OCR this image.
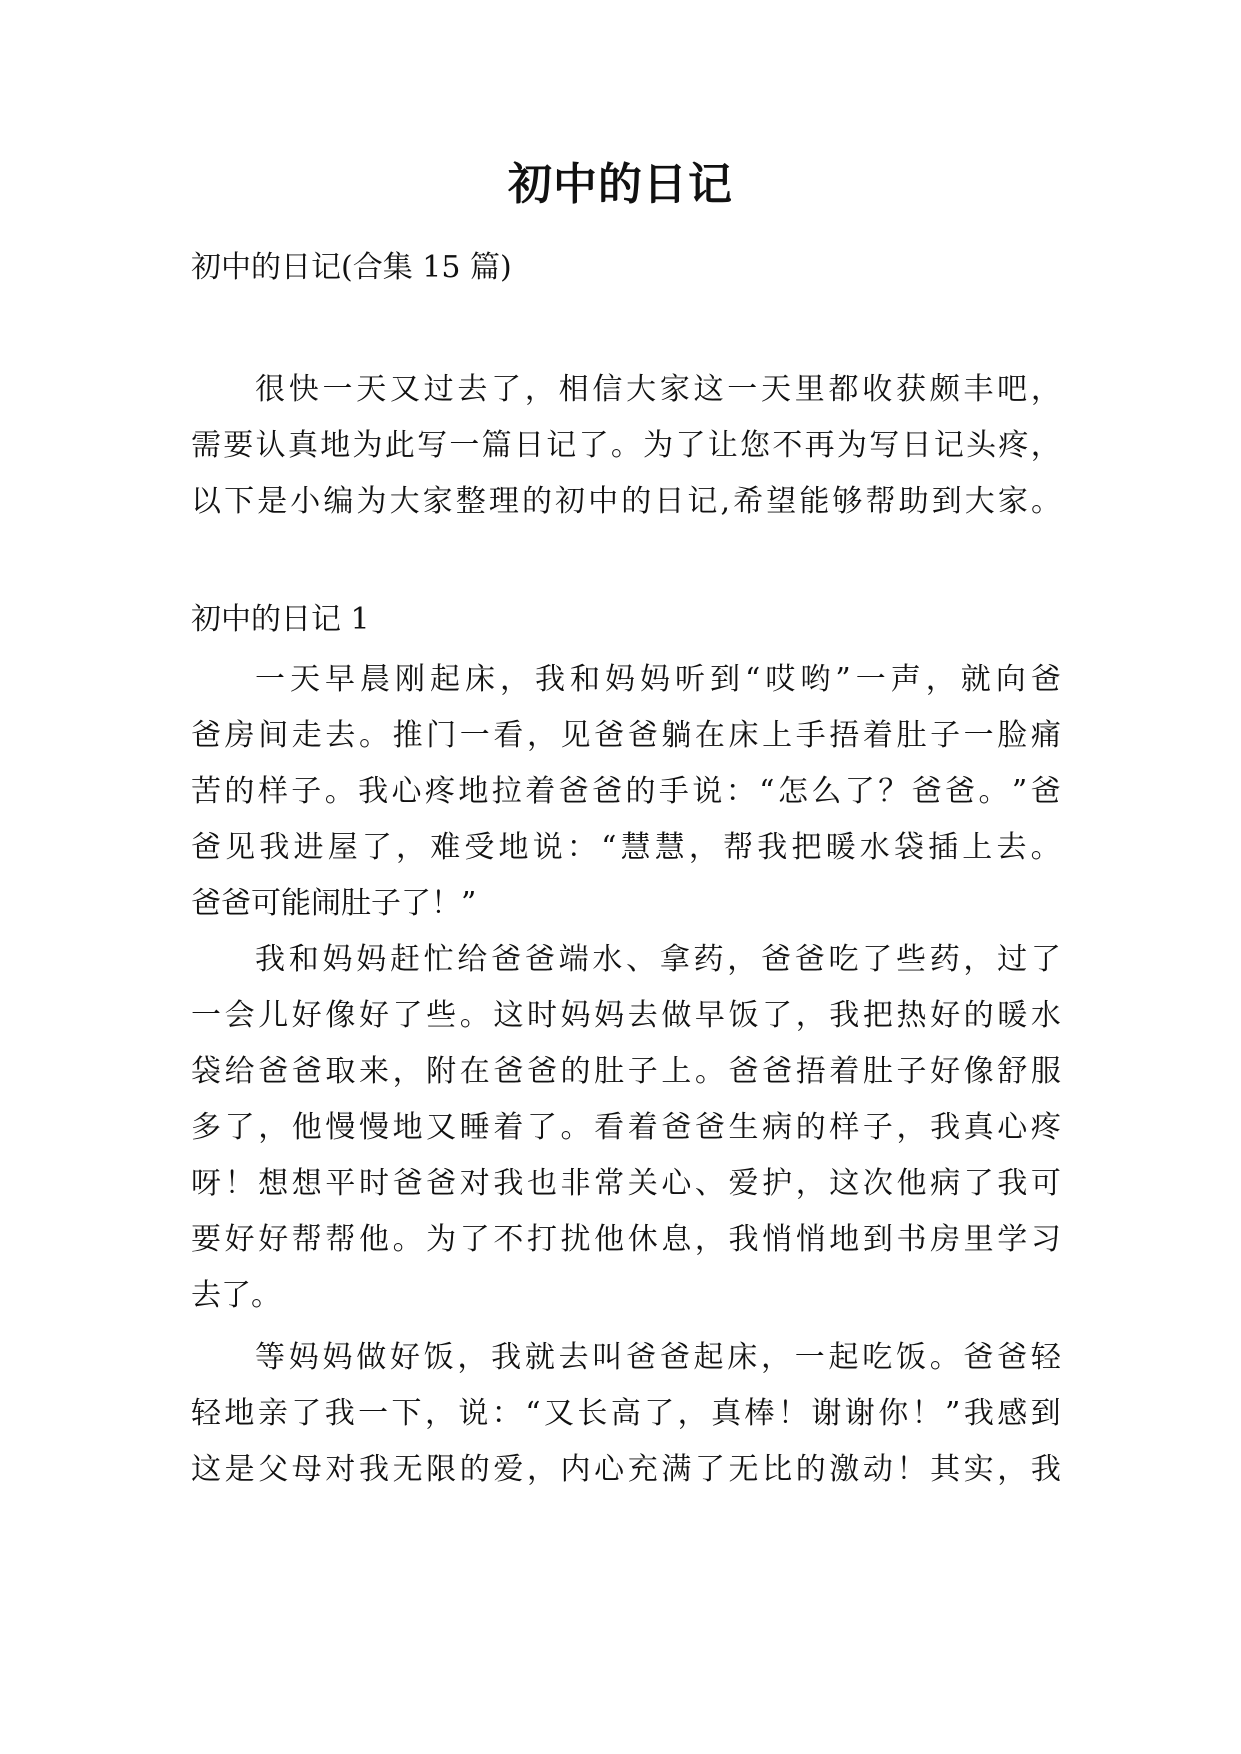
初中的日记

初中的日记(合集 15 篇)

很 快 一 天 又 过 去 了 ， 相 信 大 家 这 一 天 里 都 收 获 颇 丰 吧 ，

需 要 认 真 地 为 此 写 一 篇 日 记 了 。 为 了 让 您 不 再 为 写 日 记 头 疼 ，

以 下 是 小 编 为 大 家 整 理 的 初 中 的 日 记 , 希 望 能 够 帮 助 到 大 家 。

初中的日记 1

一 天 早 晨 刚 起 床 ， 我 和 妈 妈 听 到 “ 哎 哟 ” 一 声 ， 就 向 爸

爸 房 间 走 去 。 推 门 一 看 ， 见 爸 爸 躺 在 床 上 手 捂 着 肚 子 一 脸 痛

苦 的 样 子 。 我 心 疼 地 拉 着 爸 爸 的 手 说 ： “ 怎 么 了 ？ 爸 爸 。 ” 爸

爸 见 我 进 屋 了 ， 难 受 地 说 ： “ 慧 慧 ， 帮 我 把 暖 水 袋 插 上 去 。

爸爸可能闹肚子了！”

我 和 妈 妈 赶 忙 给 爸 爸 端 水 、 拿 药 ， 爸 爸 吃 了 些 药 ， 过 了

一 会 儿 好 像 好 了 些 。 这 时 妈 妈 去 做 早 饭 了 ， 我 把 热 好 的 暖 水

袋 给 爸 爸 取 来 ， 附 在 爸 爸 的 肚 子 上 。 爸 爸 捂 着 肚 子 好 像 舒 服

多 了 ， 他 慢 慢 地 又 睡 着 了 。 看 着 爸 爸 生 病 的 样 子 ， 我 真 心 疼

呀 ！ 想 想 平 时 爸 爸 对 我 也 非 常 关 心 、 爱 护 ， 这 次 他 病 了 我 可

要 好 好 帮 帮 他 。 为 了 不 打 扰 他 休 息 ， 我 悄 悄 地 到 书 房 里 学 习

去了。

等 妈 妈 做 好 饭 ， 我 就 去 叫 爸 爸 起 床 ， 一 起 吃 饭 。 爸 爸 轻

轻 地 亲 了 我 一 下 ， 说 ： “ 又 长 高 了 ， 真 棒 ！ 谢 谢 你 ！ ” 我 感 到

这 是 父 母 对 我 无 限 的 爱 ， 内 心 充 满 了 无 比 的 激 动 ！ 其 实 ， 我
